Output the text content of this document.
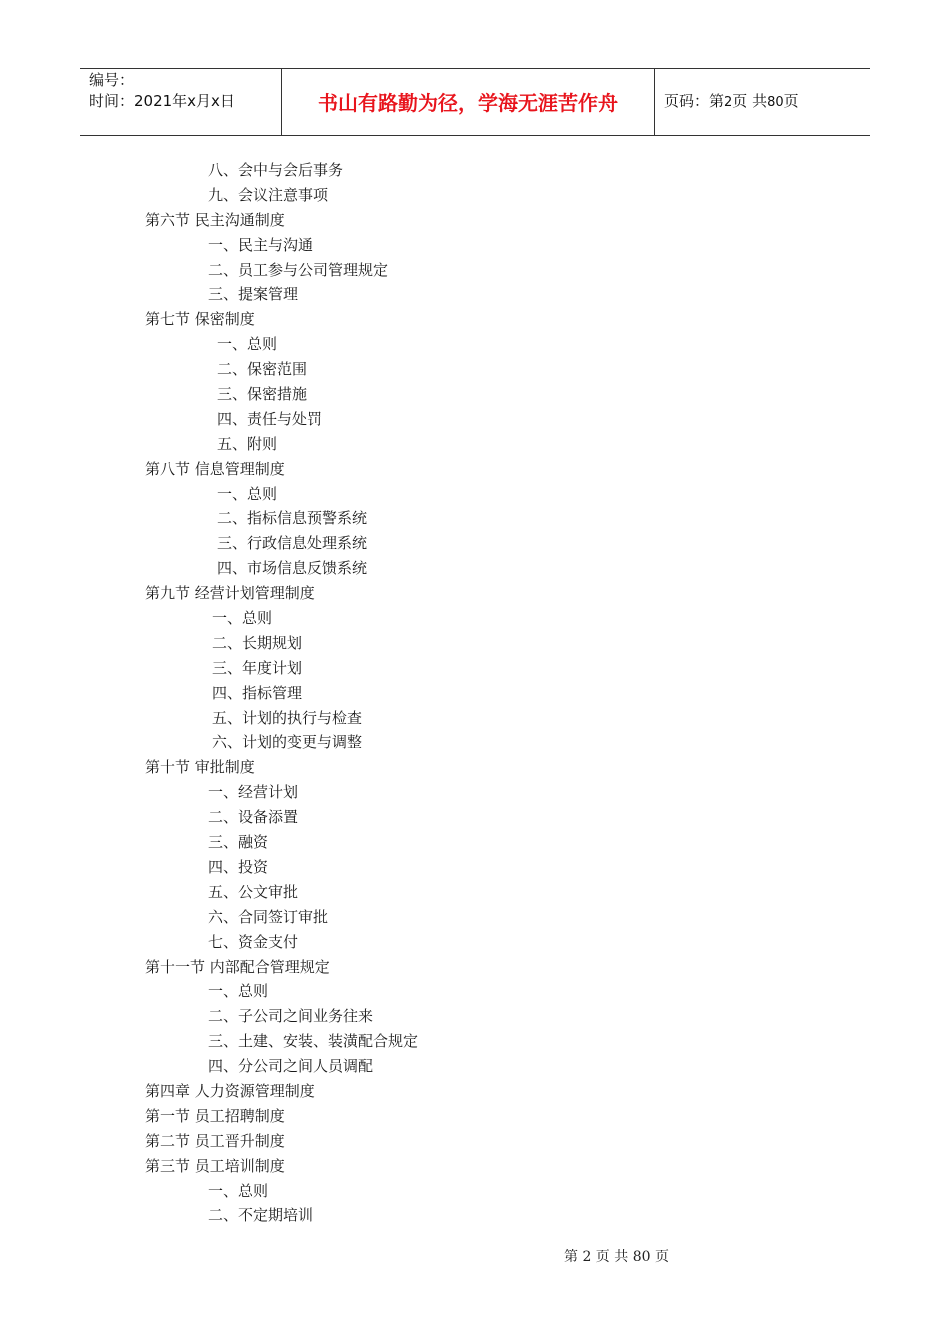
编号：
时间：2021年x月x日	书山有路勤为径，学海无涯苦作舟	页码：第2页 共80页
八、会中与会后事务
九、会议注意事项
第六节 民主沟通制度
一、民主与沟通
二、员工参与公司管理规定
三、提案管理
第七节 保密制度
一、总则
二、保密范围
三、保密措施
四、责任与处罚
五、附则
第八节 信息管理制度
一、总则
二、指标信息预警系统
三、行政信息处理系统
四、市场信息反馈系统
第九节 经营计划管理制度
一、总则
二、长期规划
三、年度计划
四、指标管理
五、计划的执行与检查
六、计划的变更与调整
第十节 审批制度
一、经营计划
二、设备添置
三、融资
四、投资
五、公文审批
六、合同签订审批
七、资金支付
第十一节 内部配合管理规定
一、总则
二、子公司之间业务往来
三、土建、安装、装潢配合规定
四、分公司之间人员调配
第四章 人力资源管理制度
第一节 员工招聘制度
第二节 员工晋升制度
第三节 员工培训制度
一、总则
二、不定期培训
第 2 页 共 80 页
